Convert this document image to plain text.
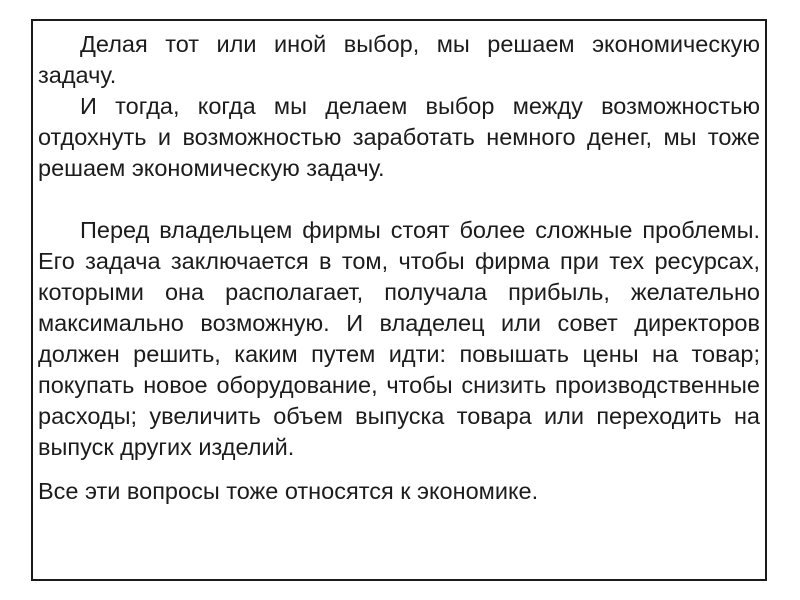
Делая тот или иной выбор, мы решаем экономическую задачу.

И тогда, когда мы делаем выбор между возможностью отдохнуть и возможностью заработать немного денег, мы тоже решаем экономическую задачу.

Перед владельцем фирмы стоят более сложные проблемы. Его задача заключается в том, чтобы фирма при тех ресурсах, которыми она располагает, получала прибыль, желательно максимально возможную. И владелец или совет директоров должен решить, каким путем идти: повышать цены на товар; покупать новое оборудование, чтобы снизить производственные расходы; увеличить объем выпуска товара или переходить на выпуск других изделий.

Все эти вопросы тоже относятся к экономике.
